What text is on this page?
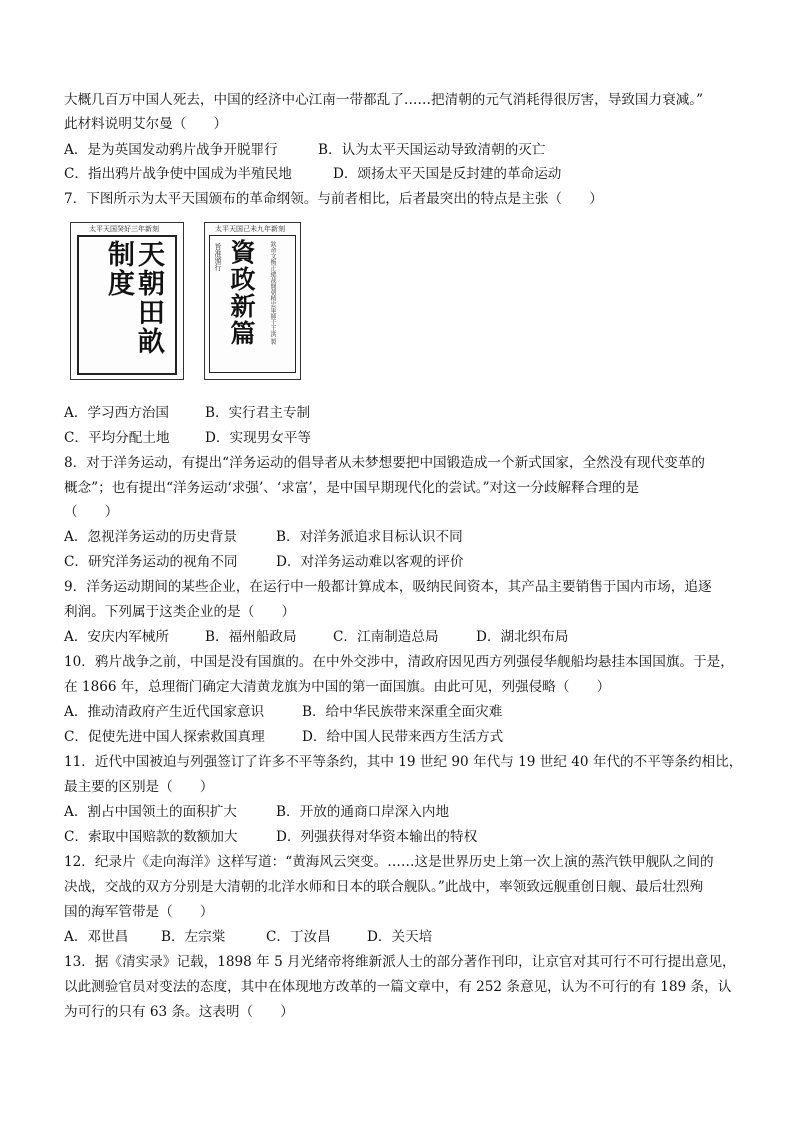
大概几百万中国人死去，中国的经济中心江南一带都乱了……把清朝的元气消耗得很厉害，导致国力衰减。”
此材料说明艾尔曼（　　）
A．是为英国发动鸦片战争开脱罪行	B．认为太平天国运动导致清朝的灭亡
C．指出鸦片战争使中国成为半殖民地	D．颂扬太平天国是反封建的革命运动
7．下图所示为太平天国颁布的革命纲领。与前者相比，后者最突出的特点是主张（　　）
太平天国癸好三年新刻
天朝田畝制度
太平天国己未九年新刻
旨准頒行 資政新篇 欽命文衡正總裁開朝精忠軍師干王洪 製
A．学习西方治国	B．实行君主专制
C．平均分配土地	D．实现男女平等
8．对于洋务运动，有提出“洋务运动的倡导者从未梦想要把中国锻造成一个新式国家，全然没有现代变革的
概念”；也有提出“洋务运动‘求强’、‘求富’，是中国早期现代化的尝试。”对这一分歧解释合理的是
（　　）
A．忽视洋务运动的历史背景	B．对洋务派追求目标认识不同
C．研究洋务运动的视角不同	D．对洋务运动难以客观的评价
9．洋务运动期间的某些企业，在运行中一般都计算成本，吸纳民间资本，其产品主要销售于国内市场，追逐
利润。下列属于这类企业的是（　　）
A．安庆内军械所	B．福州船政局	C．江南制造总局	D．湖北织布局
10．鸦片战争之前，中国是没有国旗的。在中外交涉中，清政府因见西方列强侵华舰船均悬挂本国国旗。于是，
在 1866 年，总理衙门确定大清黄龙旗为中国的第一面国旗。由此可见，列强侵略（　　）
A．推动清政府产生近代国家意识	B．给中华民族带来深重全面灾难
C．促使先进中国人探索救国真理	D．给中国人民带来西方生活方式
11．近代中国被迫与列强签订了许多不平等条约，其中 19 世纪 90 年代与 19 世纪 40 年代的不平等条约相比，
最主要的区别是（　　）
A．割占中国领土的面积扩大	B．开放的通商口岸深入内地
C．索取中国赔款的数额加大	D．列强获得对华资本输出的特权
12．纪录片《走向海洋》这样写道：“黄海风云突变。……这是世界历史上第一次上演的蒸汽铁甲舰队之间的
决战，交战的双方分别是大清朝的北洋水师和日本的联合舰队。”此战中，率领致远舰重创日舰、最后壮烈殉
国的海军管带是（　　）
A．邓世昌 B．左宗棠	C．丁汝昌	D．关天培
13．据《清实录》记载，1898 年 5 月光绪帝将维新派人士的部分著作刊印，让京官对其可行不可行提出意见，
以此测验官员对变法的态度，其中在体现地方改革的一篇文章中，有 252 条意见，认为不可行的有 189 条，认
为可行的只有 63 条。这表明（　　）
